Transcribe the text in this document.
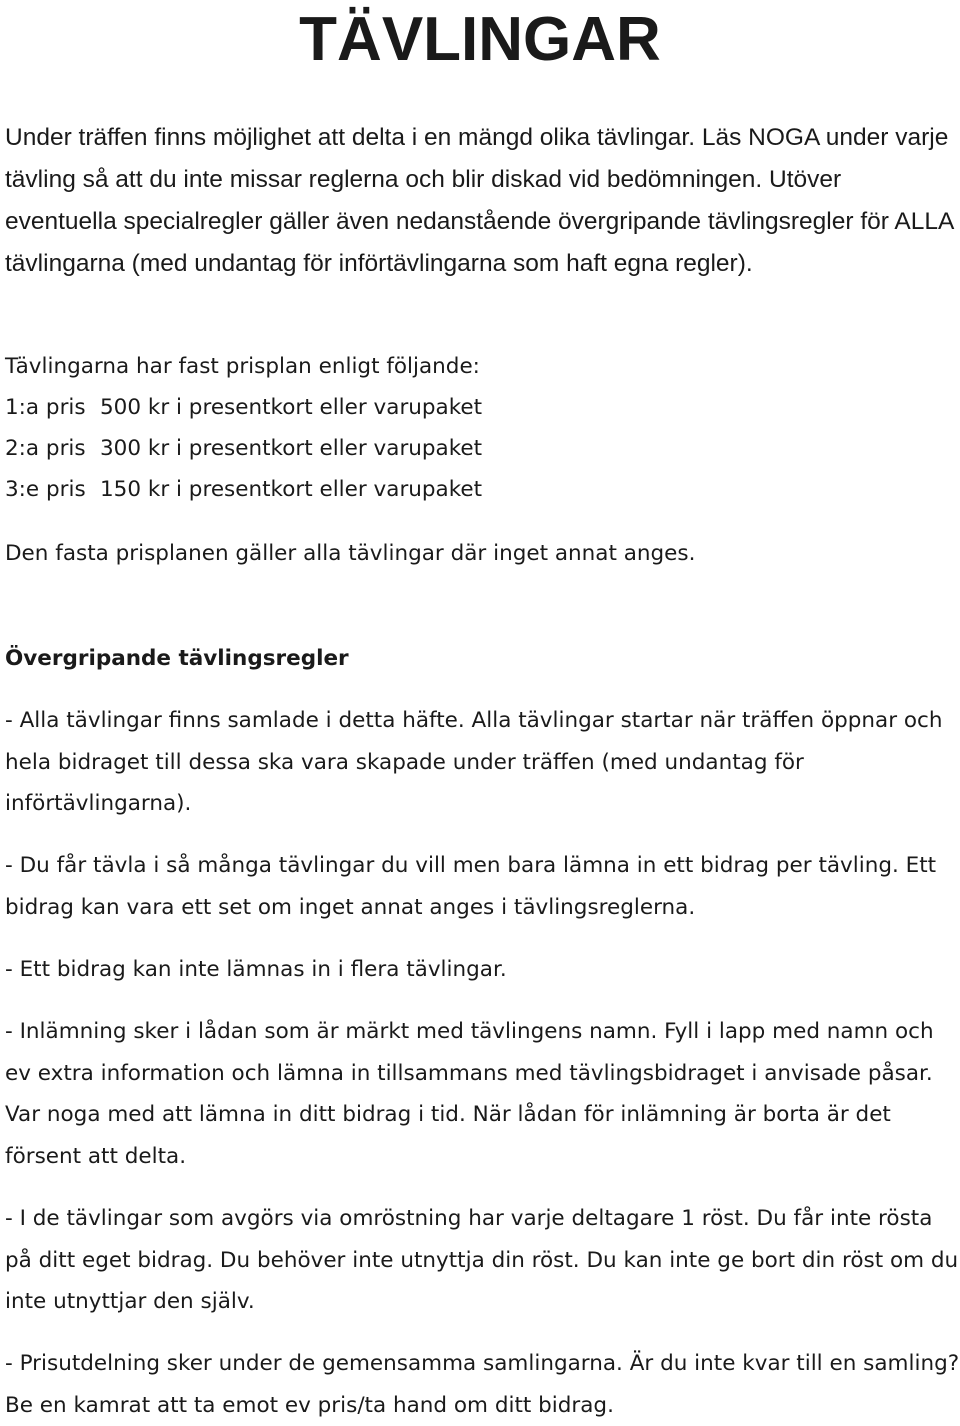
TÄVLINGAR

Under träffen finns möjlighet att delta i en mängd olika tävlingar. Läs NOGA under varje tävling så att du inte missar reglerna och blir diskad vid bedömningen. Utöver eventuella specialregler gäller även nedanstående övergripande tävlingsregler för ALLA tävlingarna (med undantag för införtävlingarna som haft egna regler).

Tävlingarna har fast prisplan enligt följande:

1:a pris 500 kr i presentkort eller varupaket

2:a pris 300 kr i presentkort eller varupaket

3:e pris 150 kr i presentkort eller varupaket

Den fasta prisplanen gäller alla tävlingar där inget annat anges.

Övergripande tävlingsregler

- Alla tävlingar finns samlade i detta häfte. Alla tävlingar startar när träffen öppnar och hela bidraget till dessa ska vara skapade under träffen (med undantag för införtävlingarna).

- Du får tävla i så många tävlingar du vill men bara lämna in ett bidrag per tävling. Ett bidrag kan vara ett set om inget annat anges i tävlingsreglerna.

- Ett bidrag kan inte lämnas in i flera tävlingar.

- Inlämning sker i lådan som är märkt med tävlingens namn. Fyll i lapp med namn och ev extra information och lämna in tillsammans med tävlingsbidraget i anvisade påsar. Var noga med att lämna in ditt bidrag i tid. När lådan för inlämning är borta är det försent att delta.

- I de tävlingar som avgörs via omröstning har varje deltagare 1 röst. Du får inte rösta på ditt eget bidrag. Du behöver inte utnyttja din röst. Du kan inte ge bort din röst om du inte utnyttjar den själv.

- Prisutdelning sker under de gemensamma samlingarna. Är du inte kvar till en samling? Be en kamrat att ta emot ev pris/ta hand om ditt bidrag.
